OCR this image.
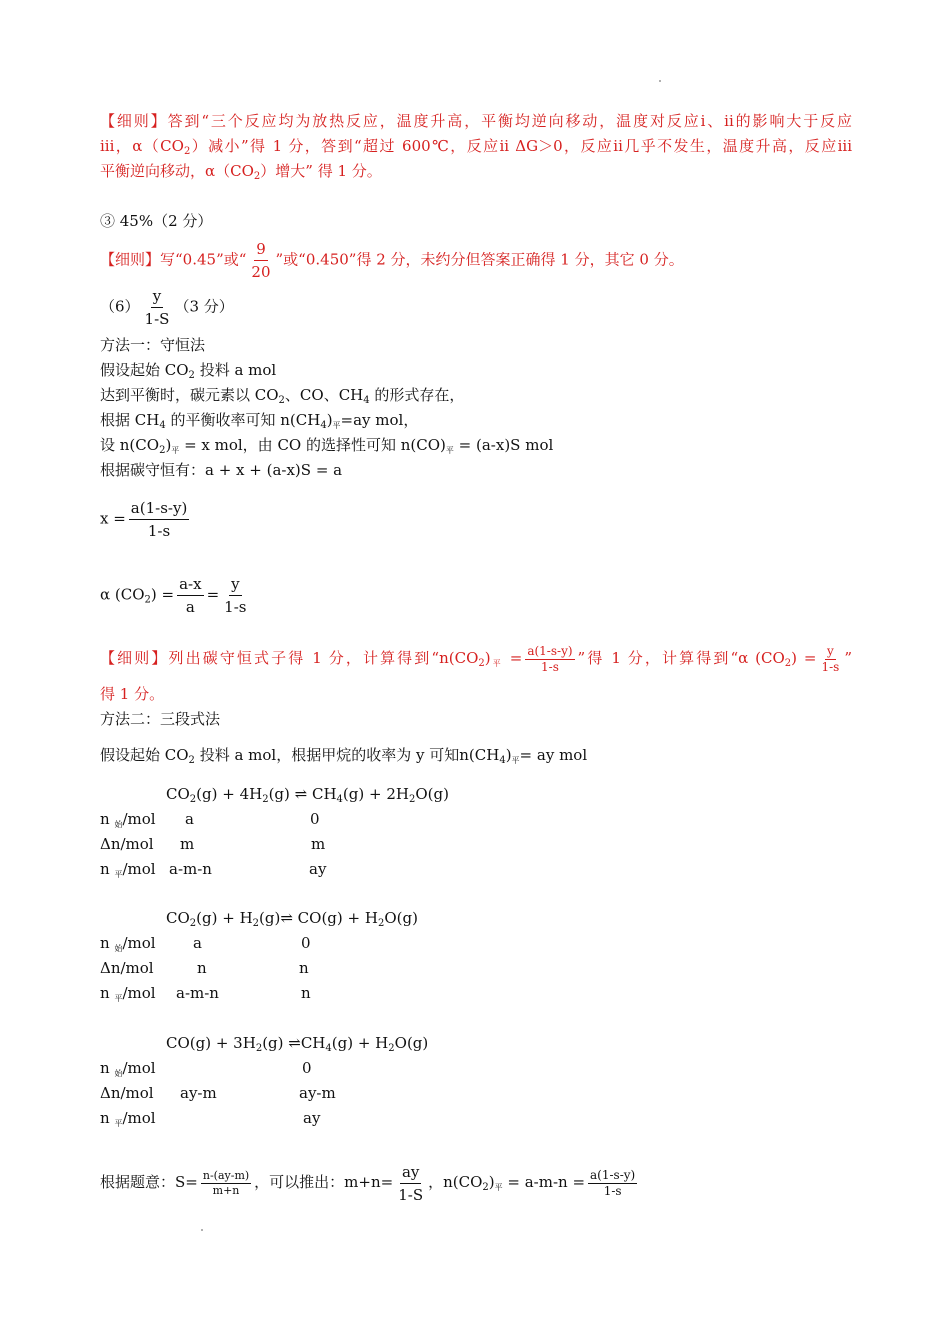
【细则】答到“三个反应均为放热反应，温度升高，平衡均逆向移动，温度对反应i、ii的影响大于反应
iii，$\alpha(CO_2)$减小”得 1 分，答到“超过 600℃，反应ii ΔG＞0，反应ii几乎不发生，温度升高，反应iii
平衡逆向移动，$\alpha(CO_2)$增大” 得 1 分。
③ 45%（2 分）
【细则】写“0.45”或“ $\frac{9}{20}$ ”或“0.450”得 2 分，未约分但答案正确得 1 分，其它 0 分。
$(6) \frac{y}{1-S} (3$ 分）
方法一：守恒法
假设起始 $CO_2$ 投料 a mol
达到平衡时，碳元素以 $CO_2$、CO、$CH_4$ 的形式存在，
根据 $CH_4$ 的平衡收率可知 $n(CH_4)_平=ay$ mol，
设 $n(CO_2)_平 = x$ mol，由 CO 的选择性可知 $n(CO)_平 = (a-x)S$ mol
根据碳守恒有：a + x + (a-x)S = a
$x = \frac{a(1-s-y)}{1-s}$
α $(CO_2) = \frac{a-x}{a} = \frac{y}{1-s}$
【细则】列出碳守恒式子得 1 分，计算得到“$n(CO_2)_平 = \frac{a(1-s-y)}{1-s}$ ”得 1 分，计算得到“α $(CO_2) = \frac{y}{1-s}$ ”
得 1 分。
方法二：三段式法
假设起始 $CO_2$ 投料 a mol，根据甲烷的收率为 y 可知$n(CH_4)_平=$ ay mol
$CO_2(g) + 4H_2(g)$ ⇌ $CH_4(g) + 2H_2O(g)$
n $_始$/mol a	0
Δn/mol m	m
n $_平$/mol a-m-n	ay
$CO_2(g)$ + $H_2(g)\rightleftharpoons$ $CO(g) + H_2O(g)$
n $_始$/mol a	0
Δn/mol	n	n
n $_平$/mol a-m-n	n
$CO(g) + 3H_2(g)$ $\rightleftharpoons CH_4(g) + H_2O(g)$
n $_始$/mol	0
Δn/mol ay-m	ay-m
n $_平$/mol	ay
根据题意：$S= \frac{n-(ay-m)}{m+n}$ ，可以推出：$m+n= \frac{ay}{1-S}$ ，$n(CO_2)_平 = a-m-n = \frac{a(1-s-y)}{1-s}$
